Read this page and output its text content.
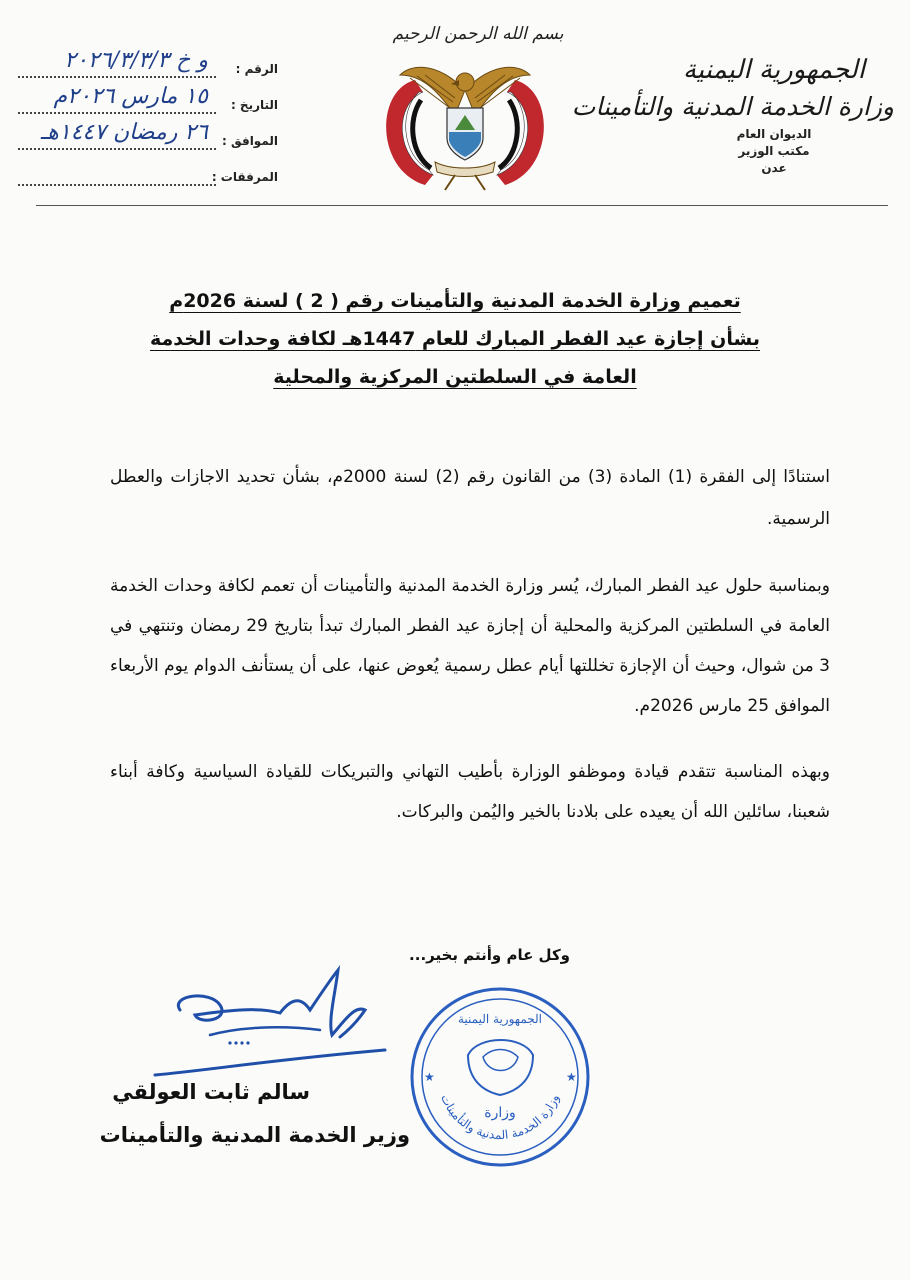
الجمهورية اليمنية
وزارة الخدمة المدنية والتأمينات
الديوان العام
مكتب الوزير
عدن
الرقم :
و خ ٢٠٢٦/٣/٣/٣
التاريخ :
١٥ مارس ٢٠٢٦م
الموافق :
٢٦ رمضان ١٤٤٧هـ
المرفقات :
بسم الله الرحمن الرحيم
تعميم وزارة الخدمة المدنية والتأمينات رقم ( 2 ) لسنة 2026م
بشأن إجازة عيد الفطر المبارك للعام 1447هـ لكافة وحدات الخدمة
العامة في السلطتين المركزية والمحلية

استنادًا إلى الفقرة (1) المادة (3) من القانون رقم (2) لسنة 2000م، بشأن تحديد الاجازات والعطل الرسمية.

وبمناسبة حلول عيد الفطر المبارك، يُسر وزارة الخدمة المدنية والتأمينات أن تعمم لكافة وحدات الخدمة العامة في السلطتين المركزية والمحلية أن إجازة عيد الفطر المبارك تبدأ بتاريخ 29 رمضان وتنتهي في 3 من شوال، وحيث أن الإجازة تخللتها أيام عطل رسمية يُعوض عنها، على أن يستأنف الدوام يوم الأربعاء الموافق 25 مارس 2026م.

وبهذه المناسبة تتقدم قيادة وموظفو الوزارة بأطيب التهاني والتبريكات للقيادة السياسية وكافة أبناء شعبنا، سائلين الله أن يعيده على بلادنا بالخير واليُمن والبركات.

وكل عام وأنتم بخير...
الجمهورية اليمنية
وزارة الخدمة المدنية والتأمينات
وزارة
★	★
سالم ثابت العولقي
وزير الخدمة المدنية والتأمينات
